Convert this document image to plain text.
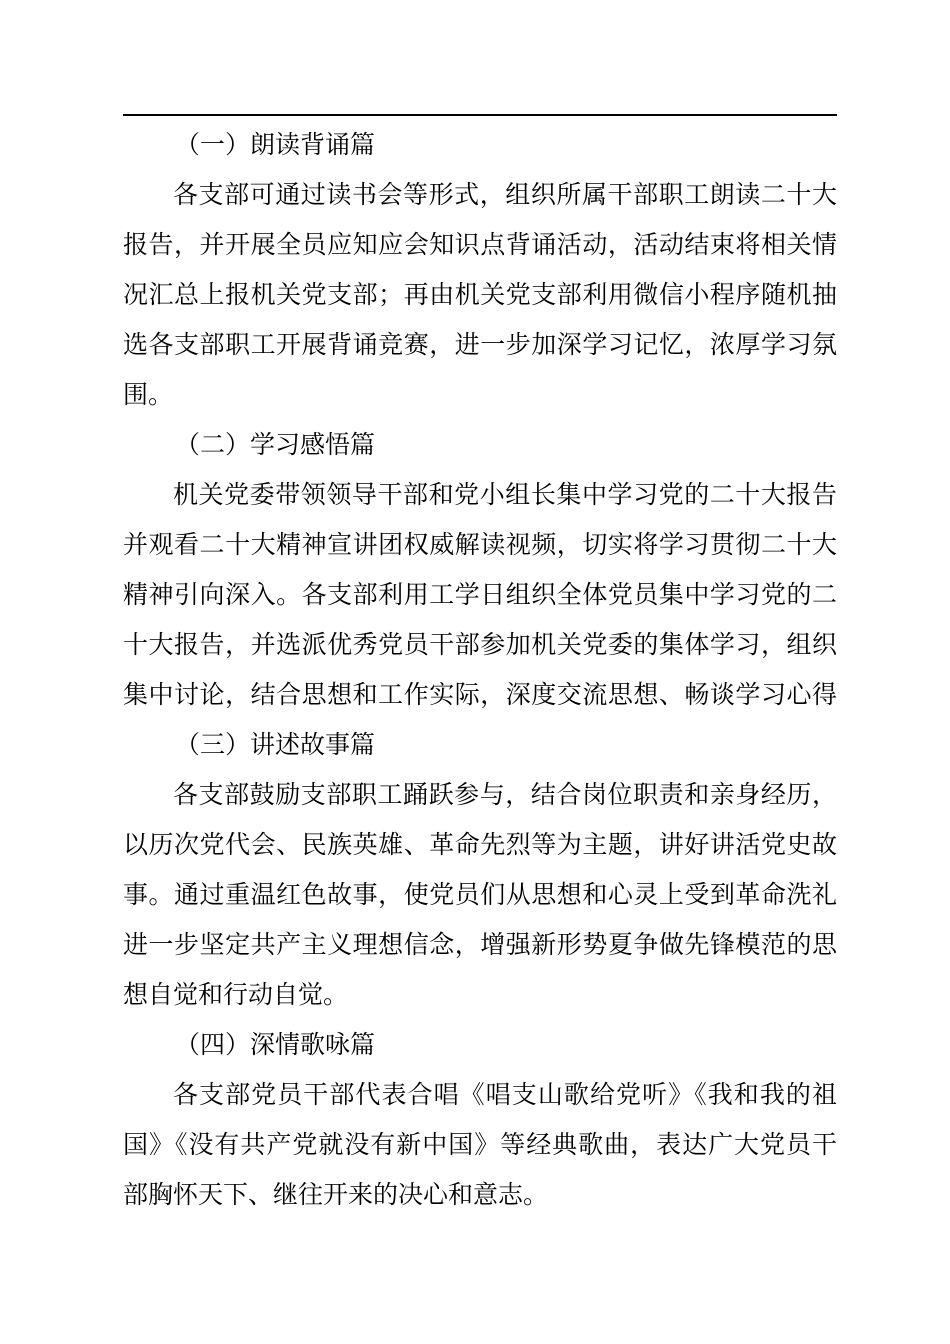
（一）朗读背诵篇
各支部可通过读书会等形式，组织所属干部职工朗读二十大
报告，并开展全员应知应会知识点背诵活动，活动结束将相关情
况汇总上报机关党支部；再由机关党支部利用微信小程序随机抽
选各支部职工开展背诵竞赛，进一步加深学习记忆，浓厚学习氛
围。
（二）学习感悟篇
机关党委带领领导干部和党小组长集中学习党的二十大报告
并观看二十大精神宣讲团权威解读视频，切实将学习贯彻二十大
精神引向深入。各支部利用工学日组织全体党员集中学习党的二
十大报告，并选派优秀党员干部参加机关党委的集体学习，组织
集中讨论，结合思想和工作实际，深度交流思想、畅谈学习心得
（三）讲述故事篇
各支部鼓励支部职工踊跃参与，结合岗位职责和亲身经历，
以历次党代会、民族英雄、革命先烈等为主题，讲好讲活党史故
事。通过重温红色故事，使党员们从思想和心灵上受到革命洗礼
进一步坚定共产主义理想信念，增强新形势夏争做先锋模范的思
想自觉和行动自觉。
（四）深情歌咏篇
各支部党员干部代表合唱《唱支山歌给党听》《我和我的祖
国》《没有共产党就没有新中国》等经典歌曲，表达广大党员干
部胸怀天下、继往开来的决心和意志。
